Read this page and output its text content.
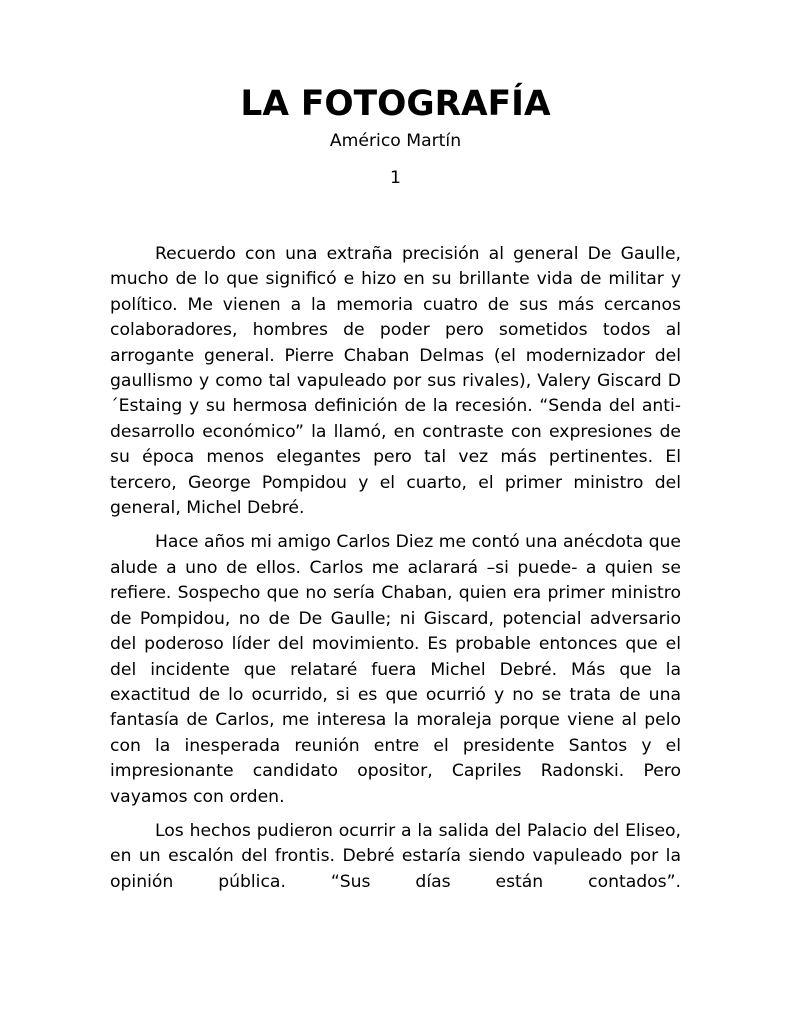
LA FOTOGRAFÍA
Américo Martín
1

Recuerdo con una extraña precisión al general De Gaulle, mucho de lo que significó e hizo en su brillante vida de militar y político. Me vienen a la memoria cuatro de sus más cercanos colaboradores, hombres de poder pero sometidos todos al arrogante general. Pierre Chaban Delmas (el modernizador del gaullismo y como tal vapuleado por sus rivales), Valery Giscard D´Estaing y su hermosa definición de la recesión. “Senda del anti-desarrollo económico” la llamó, en contraste con expresiones de su época menos elegantes pero tal vez más pertinentes. El tercero, George Pompidou y el cuarto, el primer ministro del general, Michel Debré.

Hace años mi amigo Carlos Diez me contó una anécdota que alude a uno de ellos. Carlos me aclarará –si puede- a quien se refiere. Sospecho que no sería Chaban, quien era primer ministro de Pompidou, no de De Gaulle; ni Giscard, potencial adversario del poderoso líder del movimiento. Es probable entonces que el del incidente que relataré fuera Michel Debré. Más que la exactitud de lo ocurrido, si es que ocurrió y no se trata de una fantasía de Carlos, me interesa la moraleja porque viene al pelo con la inesperada reunión entre el presidente Santos y el impresionante candidato opositor, Capriles Radonski. Pero vayamos con orden.

Los hechos pudieron ocurrir a la salida del Palacio del Eliseo, en un escalón del frontis. Debré estaría siendo vapuleado por la opinión pública. “Sus días están contados”.
